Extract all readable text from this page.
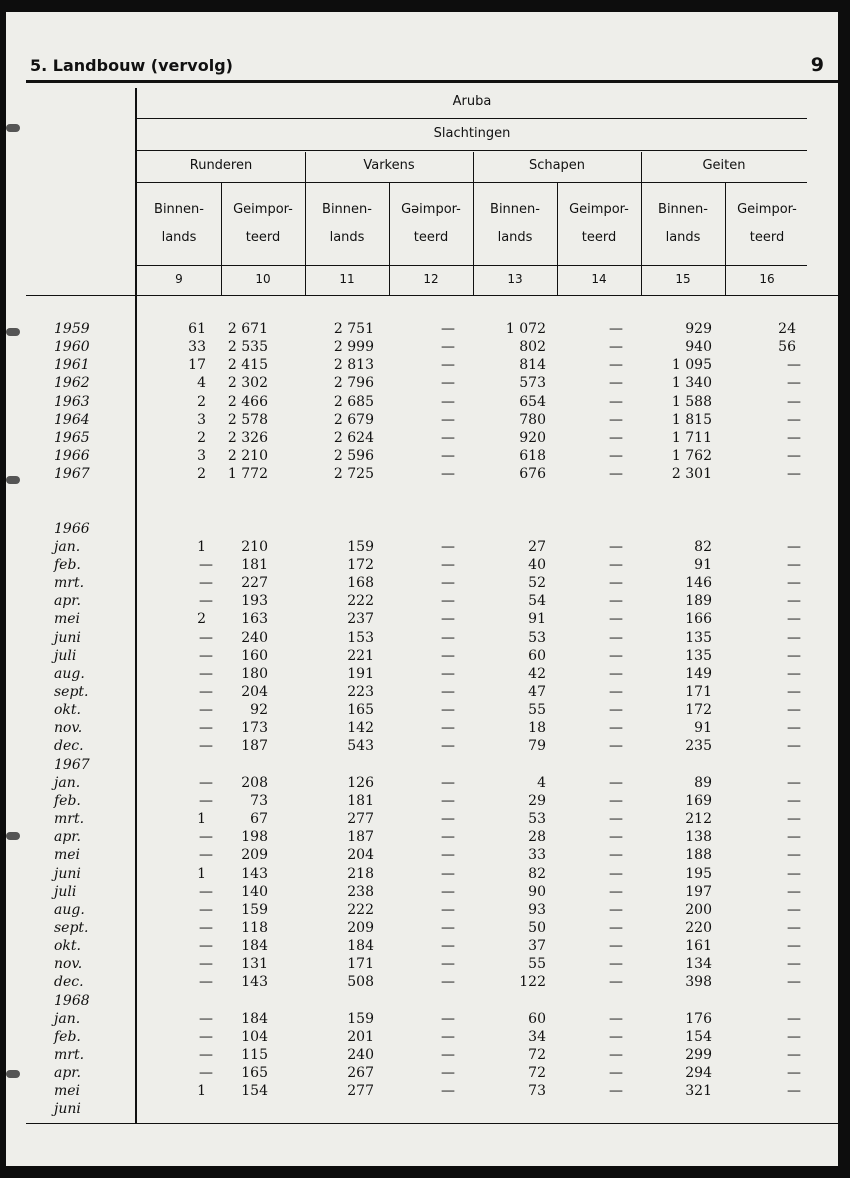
5. Landbouw (vervolg)	9
Aruba
Slachtingen
Runderen	Varkens	Schapen	Geiten
Binnen-
lands
Geimpor-
teerd
Binnen-
lands
Gəimpor-
teerd
Binnen-
lands
Geimpor-
teerd
Binnen-
lands
Geimpor-
teerd
9	10	11	12	13	14	15	16
1959	61	2 671	2 751	—	1 072	—	929	24
1960	33	2 535	2 999	—	802	—	940	56
1961	17	2 415	2 813	—	814	—	1 095	—
1962	4	2 302	2 796	—	573	—	1 340	—
1963	2	2 466	2 685	—	654	—	1 588	—
1964	3	2 578	2 679	—	780	—	1 815	—
1965	2	2 326	2 624	—	920	—	1 711	—
1966	3	2 210	2 596	—	618	—	1 762	—
1967	2	1 772	2 725	—	676	—	2 301	—
1966
jan.	1	210	159	—	27	—	82	—
feb.	—	181	172	—	40	—	91	—
mrt.	—	227	168	—	52	—	146	—
apr.	—	193	222	—	54	—	189	—
mei	2	163	237	—	91	—	166	—
juni	—	240	153	—	53	—	135	—
juli	—	160	221	—	60	—	135	—
aug.	—	180	191	—	42	—	149	—
sept.	—	204	223	—	47	—	171	—
okt.	—	92	165	—	55	—	172	—
nov.	—	173	142	—	18	—	91	—
dec.	—	187	543	—	79	—	235	—
1967
jan.	—	208	126	—	4	—	89	—
feb.	—	73	181	—	29	—	169	—
mrt.	1	67	277	—	53	—	212	—
apr.	—	198	187	—	28	—	138	—
mei	—	209	204	—	33	—	188	—
juni	1	143	218	—	82	—	195	—
juli	—	140	238	—	90	—	197	—
aug.	—	159	222	—	93	—	200	—
sept.	—	118	209	—	50	—	220	—
okt.	—	184	184	—	37	—	161	—
nov.	—	131	171	—	55	—	134	—
dec.	—	143	508	—	122	—	398	—
1968
jan.	—	184	159	—	60	—	176	—
feb.	—	104	201	—	34	—	154	—
mrt.	—	115	240	—	72	—	299	—
apr.	—	165	267	—	72	—	294	—
mei	1	154	277	—	73	—	321	—
juni
